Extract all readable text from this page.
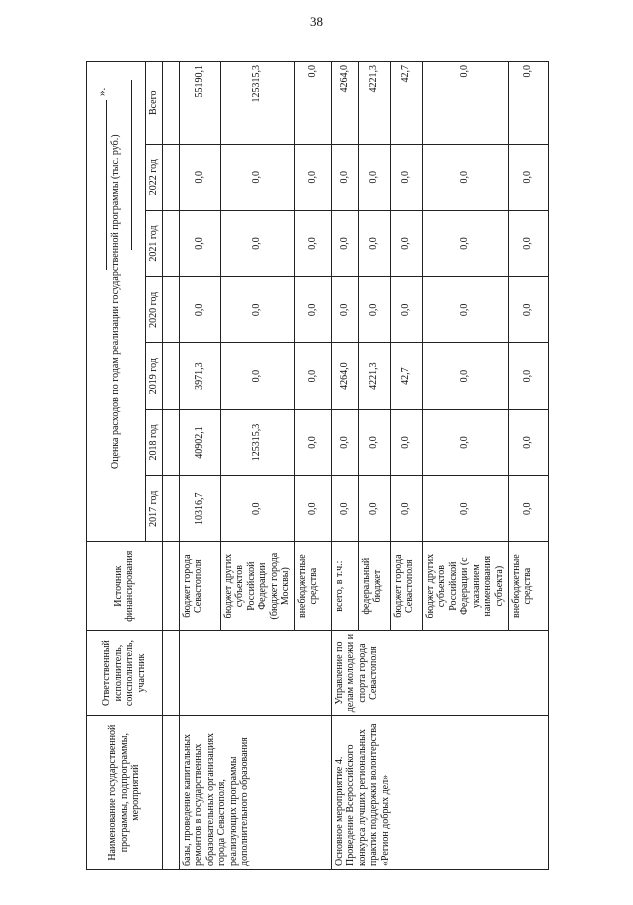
38
Наименование государственной программы, подпрограммы, мероприятий	Ответственный исполнитель, соисполнитель, участник	Источник финансирования	Оценка расходов по годам реализации государственной программы (тыс. руб.)						
			2017 год	2018 год	2019 год	2020 год	2021 год	2022 год	Всего

базы, проведение капитальных ремонтов в государственных образовательных организациях города Севастополя, реализующих программы дополнительного образования		бюджет города Севастополя	10316,7	40902,1	3971,3	0,0	0,0	0,0	55190,1
		бюджет других субъектов Российской Федерации (бюджет города Москвы)	0,0	125315,3	0,0	0,0	0,0	0,0	125315,3
		внебюджетные средства	0,0	0,0	0,0	0,0	0,0	0,0	0,0
Основное мероприятие 4. Проведение Всероссийского конкурса лучших региональных практик поддержки волонтерства «Регион добрых дел»	Управление по делам молодежи и спорта города Севастополя	всего, в т.ч.:	0,0	0,0	4264,0	0,0	0,0	0,0	4264,0
		федеральный бюджет	0,0	0,0	4221,3	0,0	0,0	0,0	4221,3
		бюджет города Севастополя	0,0	0,0	42,7	0,0	0,0	0,0	42,7
		бюджет других субъектов Российской Федерации (с указанием наименования субъекта)	0,0	0,0	0,0	0,0	0,0	0,0	0,0
		внебюджетные средства	0,0	0,0	0,0	0,0	0,0	0,0	0,0
».
